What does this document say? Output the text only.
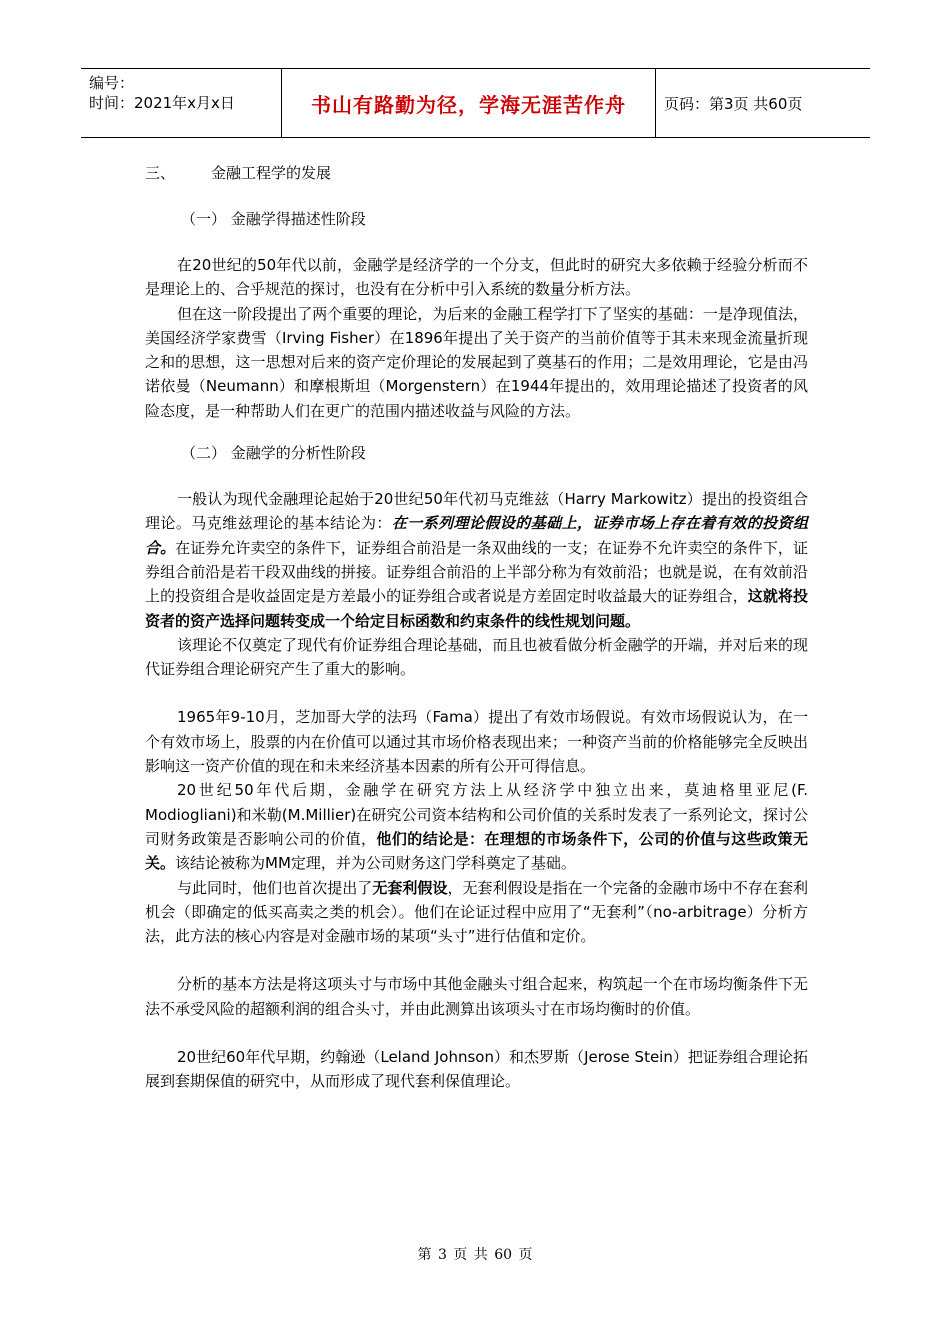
编号：
时间：2021年x月x日	书山有路勤为径，学海无涯苦作舟	页码：第3页 共60页

三、 金融工程学的发展

（一） 金融学得描述性阶段

在20世纪的50年代以前，金融学是经济学的一个分支，但此时的研究大多依赖于经验分析而不是理论上的、合乎规范的探讨，也没有在分析中引入系统的数量分析方法。

但在这一阶段提出了两个重要的理论，为后来的金融工程学打下了坚实的基础：一是净现值法，美国经济学家费雪（Irving Fisher）在1896年提出了关于资产的当前价值等于其未来现金流量折现之和的思想，这一思想对后来的资产定价理论的发展起到了奠基石的作用；二是效用理论，它是由冯诺依曼（Neumann）和摩根斯坦（Morgenstern）在1944年提出的，效用理论描述了投资者的风险态度，是一种帮助人们在更广的范围内描述收益与风险的方法。

（二） 金融学的分析性阶段

一般认为现代金融理论起始于20世纪50年代初马克维兹（Harry Markowitz）提出的投资组合理论。马克维兹理论的基本结论为：在一系列理论假设的基础上，证券市场上存在着有效的投资组合。在证券允许卖空的条件下，证券组合前沿是一条双曲线的一支；在证券不允许卖空的条件下，证券组合前沿是若干段双曲线的拼接。证券组合前沿的上半部分称为有效前沿；也就是说，在有效前沿上的投资组合是收益固定是方差最小的证券组合或者说是方差固定时收益最大的证券组合，这就将投资者的资产选择问题转变成一个给定目标函数和约束条件的线性规划问题。

该理论不仅奠定了现代有价证券组合理论基础，而且也被看做分析金融学的开端，并对后来的现代证券组合理论研究产生了重大的影响。

1965年9-10月，芝加哥大学的法玛（Fama）提出了有效市场假说。有效市场假说认为，在一个有效市场上，股票的内在价值可以通过其市场价格表现出来；一种资产当前的价格能够完全反映出影响这一资产价值的现在和未来经济基本因素的所有公开可得信息。

20世纪50年代后期，金融学在研究方法上从经济学中独立出来，莫迪格里亚尼(F. Modiogliani)和米勒(M.Millier)在研究公司资本结构和公司价值的关系时发表了一系列论文，探讨公司财务政策是否影响公司的价值，他们的结论是：在理想的市场条件下，公司的价值与这些政策无关。该结论被称为MM定理，并为公司财务这门学科奠定了基础。

与此同时，他们也首次提出了无套利假设，无套利假设是指在一个完备的金融市场中不存在套利机会（即确定的低买高卖之类的机会）。他们在论证过程中应用了“无套利”（no-arbitrage）分析方法，此方法的核心内容是对金融市场的某项“头寸”进行估值和定价。

分析的基本方法是将这项头寸与市场中其他金融头寸组合起来，构筑起一个在市场均衡条件下无法不承受风险的超额利润的组合头寸，并由此测算出该项头寸在市场均衡时的价值。

20世纪60年代早期，约翰逊（Leland Johnson）和杰罗斯（Jerose Stein）把证券组合理论拓展到套期保值的研究中，从而形成了现代套利保值理论。

第 3 页 共 60 页
